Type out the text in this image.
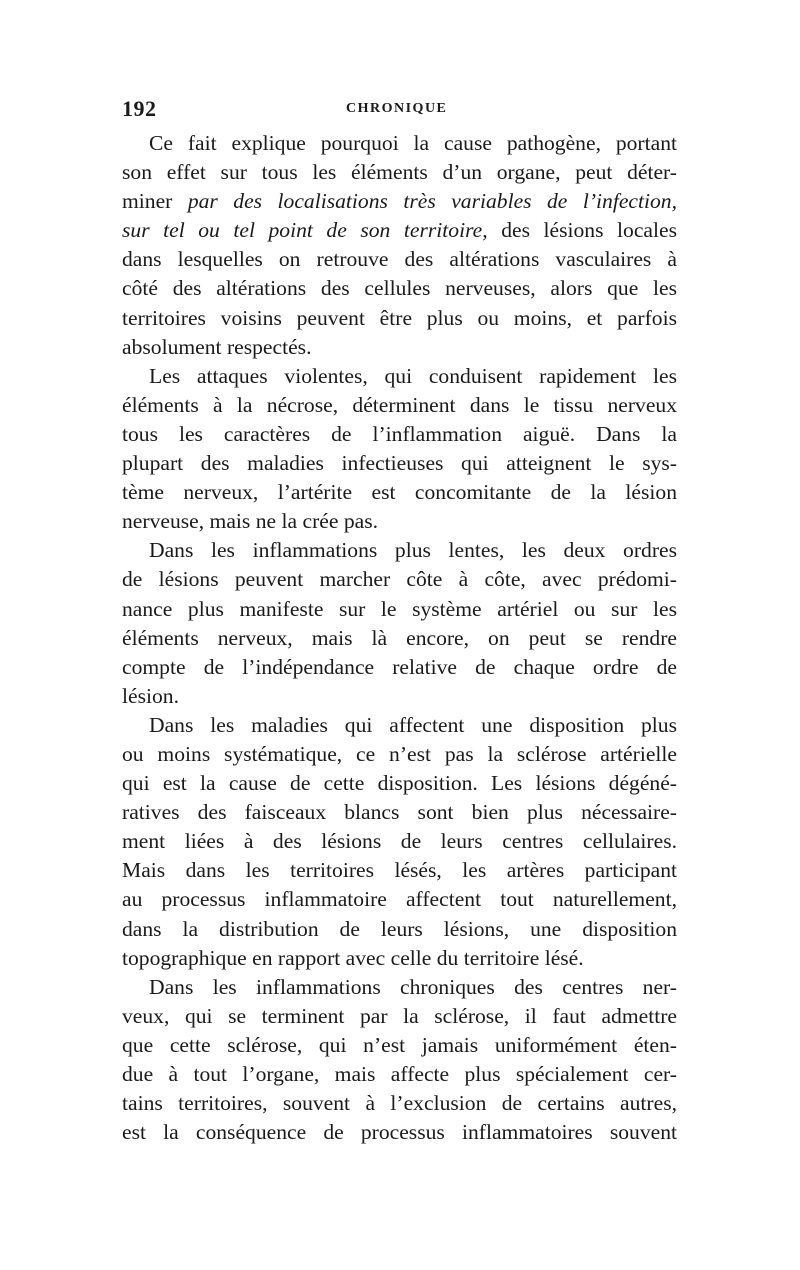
192	CHRONIQUE

Ce fait explique pourquoi la cause pathogène, portant
son effet sur tous les éléments d’un organe, peut déter-
miner par des localisations très variables de l’infection,
sur tel ou tel point de son territoire, des lésions locales
dans lesquelles on retrouve des altérations vasculaires à
côté des altérations des cellules nerveuses, alors que les
territoires voisins peuvent être plus ou moins, et parfois
absolument respectés.

Les attaques violentes, qui conduisent rapidement les
éléments à la nécrose, déterminent dans le tissu nerveux
tous les caractères de l’inflammation aiguë. Dans la
plupart des maladies infectieuses qui atteignent le sys-
tème nerveux, l’artérite est concomitante de la lésion
nerveuse, mais ne la crée pas.

Dans les inflammations plus lentes, les deux ordres
de lésions peuvent marcher côte à côte, avec prédomi-
nance plus manifeste sur le système artériel ou sur les
éléments nerveux, mais là encore, on peut se rendre
compte de l’indépendance relative de chaque ordre de
lésion.

Dans les maladies qui affectent une disposition plus
ou moins systématique, ce n’est pas la sclérose artérielle
qui est la cause de cette disposition. Les lésions dégéné-
ratives des faisceaux blancs sont bien plus nécessaire-
ment liées à des lésions de leurs centres cellulaires.
Mais dans les territoires lésés, les artères participant
au processus inflammatoire affectent tout naturellement,
dans la distribution de leurs lésions, une disposition
topographique en rapport avec celle du territoire lésé.

Dans les inflammations chroniques des centres ner-
veux, qui se terminent par la sclérose, il faut admettre
que cette sclérose, qui n’est jamais uniformément éten-
due à tout l’organe, mais affecte plus spécialement cer-
tains territoires, souvent à l’exclusion de certains autres,
est la conséquence de processus inflammatoires souvent
